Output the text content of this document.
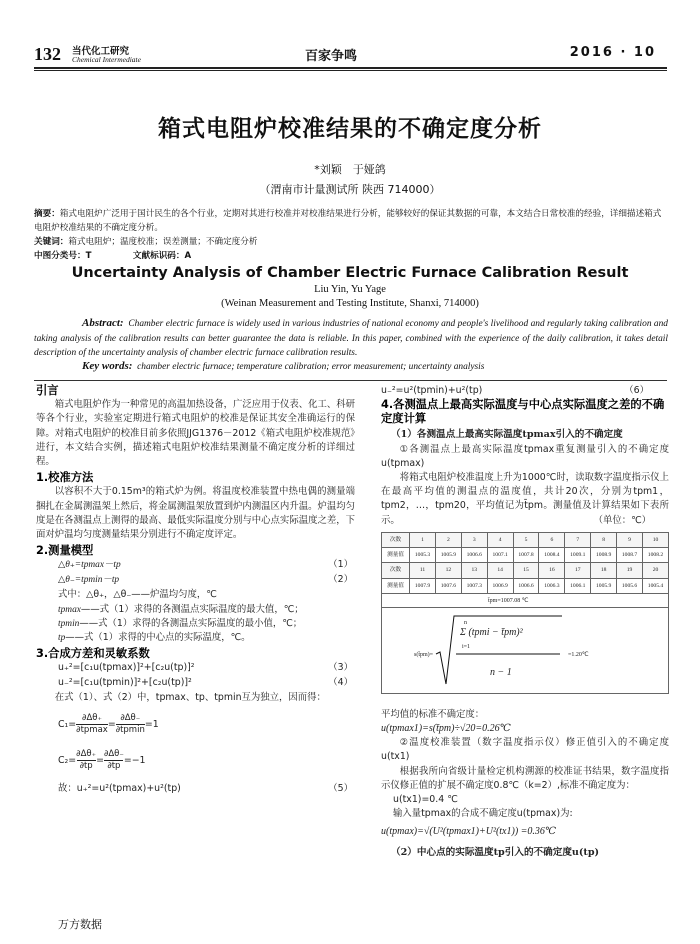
132 当代化工研究
Chemical Intermediate	百家争鸣	2016 · 10
箱式电阻炉校准结果的不确定度分析
*刘颖　于娅鸽
（渭南市计量测试所 陕西 714000）
摘要：箱式电阻炉广泛用于国计民生的各个行业，定期对其进行校准并对校准结果进行分析，能够较好的保证其数据的可靠，本文结合日常校准的经验，详细描述箱式电阻炉校准结果的不确定度分析。
关键词：箱式电阻炉；温度校准；误差测量；不确定度分析
中图分类号：T	文献标识码：A
Uncertainty Analysis of Chamber Electric Furnace Calibration Result
Liu Yin, Yu Yage
(Weinan Measurement and Testing Institute, Shanxi, 714000)
Abstract: Chamber electric furnace is widely used in various industries of national economy and people's livelihood and regularly taking calibration and taking analysis of the calibration results can better guarantee the data is reliable. In this paper, combined with the experience of the daily calibration, it takes detail description of the uncertainty analysis of chamber electric furnace calibration results.
Key words: chamber electric furnace; temperature calibration; error measurement; uncertainty analysis
引言
箱式电阻炉作为一种常见的高温加热设备，广泛应用于仪表、化工、科研等各个行业，实验室定期进行箱式电阻炉的校准是保证其安全准确运行的保障。对箱式电阻炉的校准目前多依照JJG1376－2012《箱式电阻炉校准规范》进行，本文结合实例，描述箱式电阻炉校准结果测量不确定度分析的详细过程。
1.校准方法
以容积不大于0.15m³的箱式炉为例。将温度校准装置中热电偶的测量端捆扎在金属测温架上然后，将金属测温架放置到炉内测温区内升温。炉温均匀度是在各测温点上测得的最高、最低实际温度分别与中心点实际温度之差，下面对炉温均匀度测量结果分别进行不确定度评定。
2.测量模型
△θ₊=tpmax－tp	（1）
△θ₋=tpmin－tp	（2）
式中：△θ₊，△θ₋——炉温均匀度，℃
tpmax——式（1）求得的各测温点实际温度的最大值，℃；
tpmin——式（1）求得的各测温点实际温度的最小值，℃；
tp——式（1）求得的中心点的实际温度，℃。
3.合成方差和灵敏系数
u₊²=[c₁u(tpmax)]²+[c₂u(tp)]²	（3）
u₋²=[c₁u(tpmin)]²+[c₂u(tp)]²	（4）
在式（1）、式（2）中，tpmax、tp、tpmin互为独立，因而得：
C₁=
∂Δθ₊
∂tpmax
=
∂Δθ₋
∂tpmin
=1
$C_2= \frac{\partial\Delta\theta_+}{\partial tp} = \frac{\partial\Delta\theta_-}{\partial tp} =-1$
故：u₊²=u²(tpmax)+u²(tp)	（5）
u₋²=u²(tpmin)+u²(tp)	（6）
4.各测温点上最高实际温度与中心点实际温度之差的不确定度计算
（1）各测温点上最高实际温度tpmax引入的不确定度
①各测温点上最高实际温度tpmax重复测量引入的不确定度u(tpmax)
将箱式电阻炉校准温度上升为1000℃时，读取数字温度指示仪上在最高平均值的测温点的温度值，共计20次，分别为tpm1，tpm2，…，tpm20，平均值记为t̄pm。测量值及计算结果如下表所示。	（单位：℃）
次数	1	2	3	4	5	6	7	8	9	10
测量值	1005.3	1005.9	1006.6	1007.1	1007.8	1008.4	1009.1	1008.9	1008.7	1008.2
次数	11	12	13	14	15	16	17	18	19	20
测量值	1007.9	1007.6	1007.3	1006.9	1006.6	1006.3	1006.1	1005.9	1005.6	1005.4
t̄pm=1007.08 ℃
s(t̄pm)=
n
i=1
Σ (tpmi − t̄pm)²
n − 1
=1.20℃
平均值的标准不确定度：
u(tpmax1)=s(t̄pm)÷√20=0.26℃
②温度校准装置（数字温度指示仪）修正值引入的不确定度u(tx1)
根据我所向省级计量检定机构溯源的校准证书结果，数字温度指示仪修正值的扩展不确定度0.8℃（k=2）,标准不确定度为：
u(tx1)=0.4 ℃
输入量tpmax的合成不确定度u(tpmax)为:
u(tpmax)=√(U²(tpmax1)+U²(tx1)) =0.36℃
（2）中心点的实际温度tp引入的不确定度u(tp)
万方数据
